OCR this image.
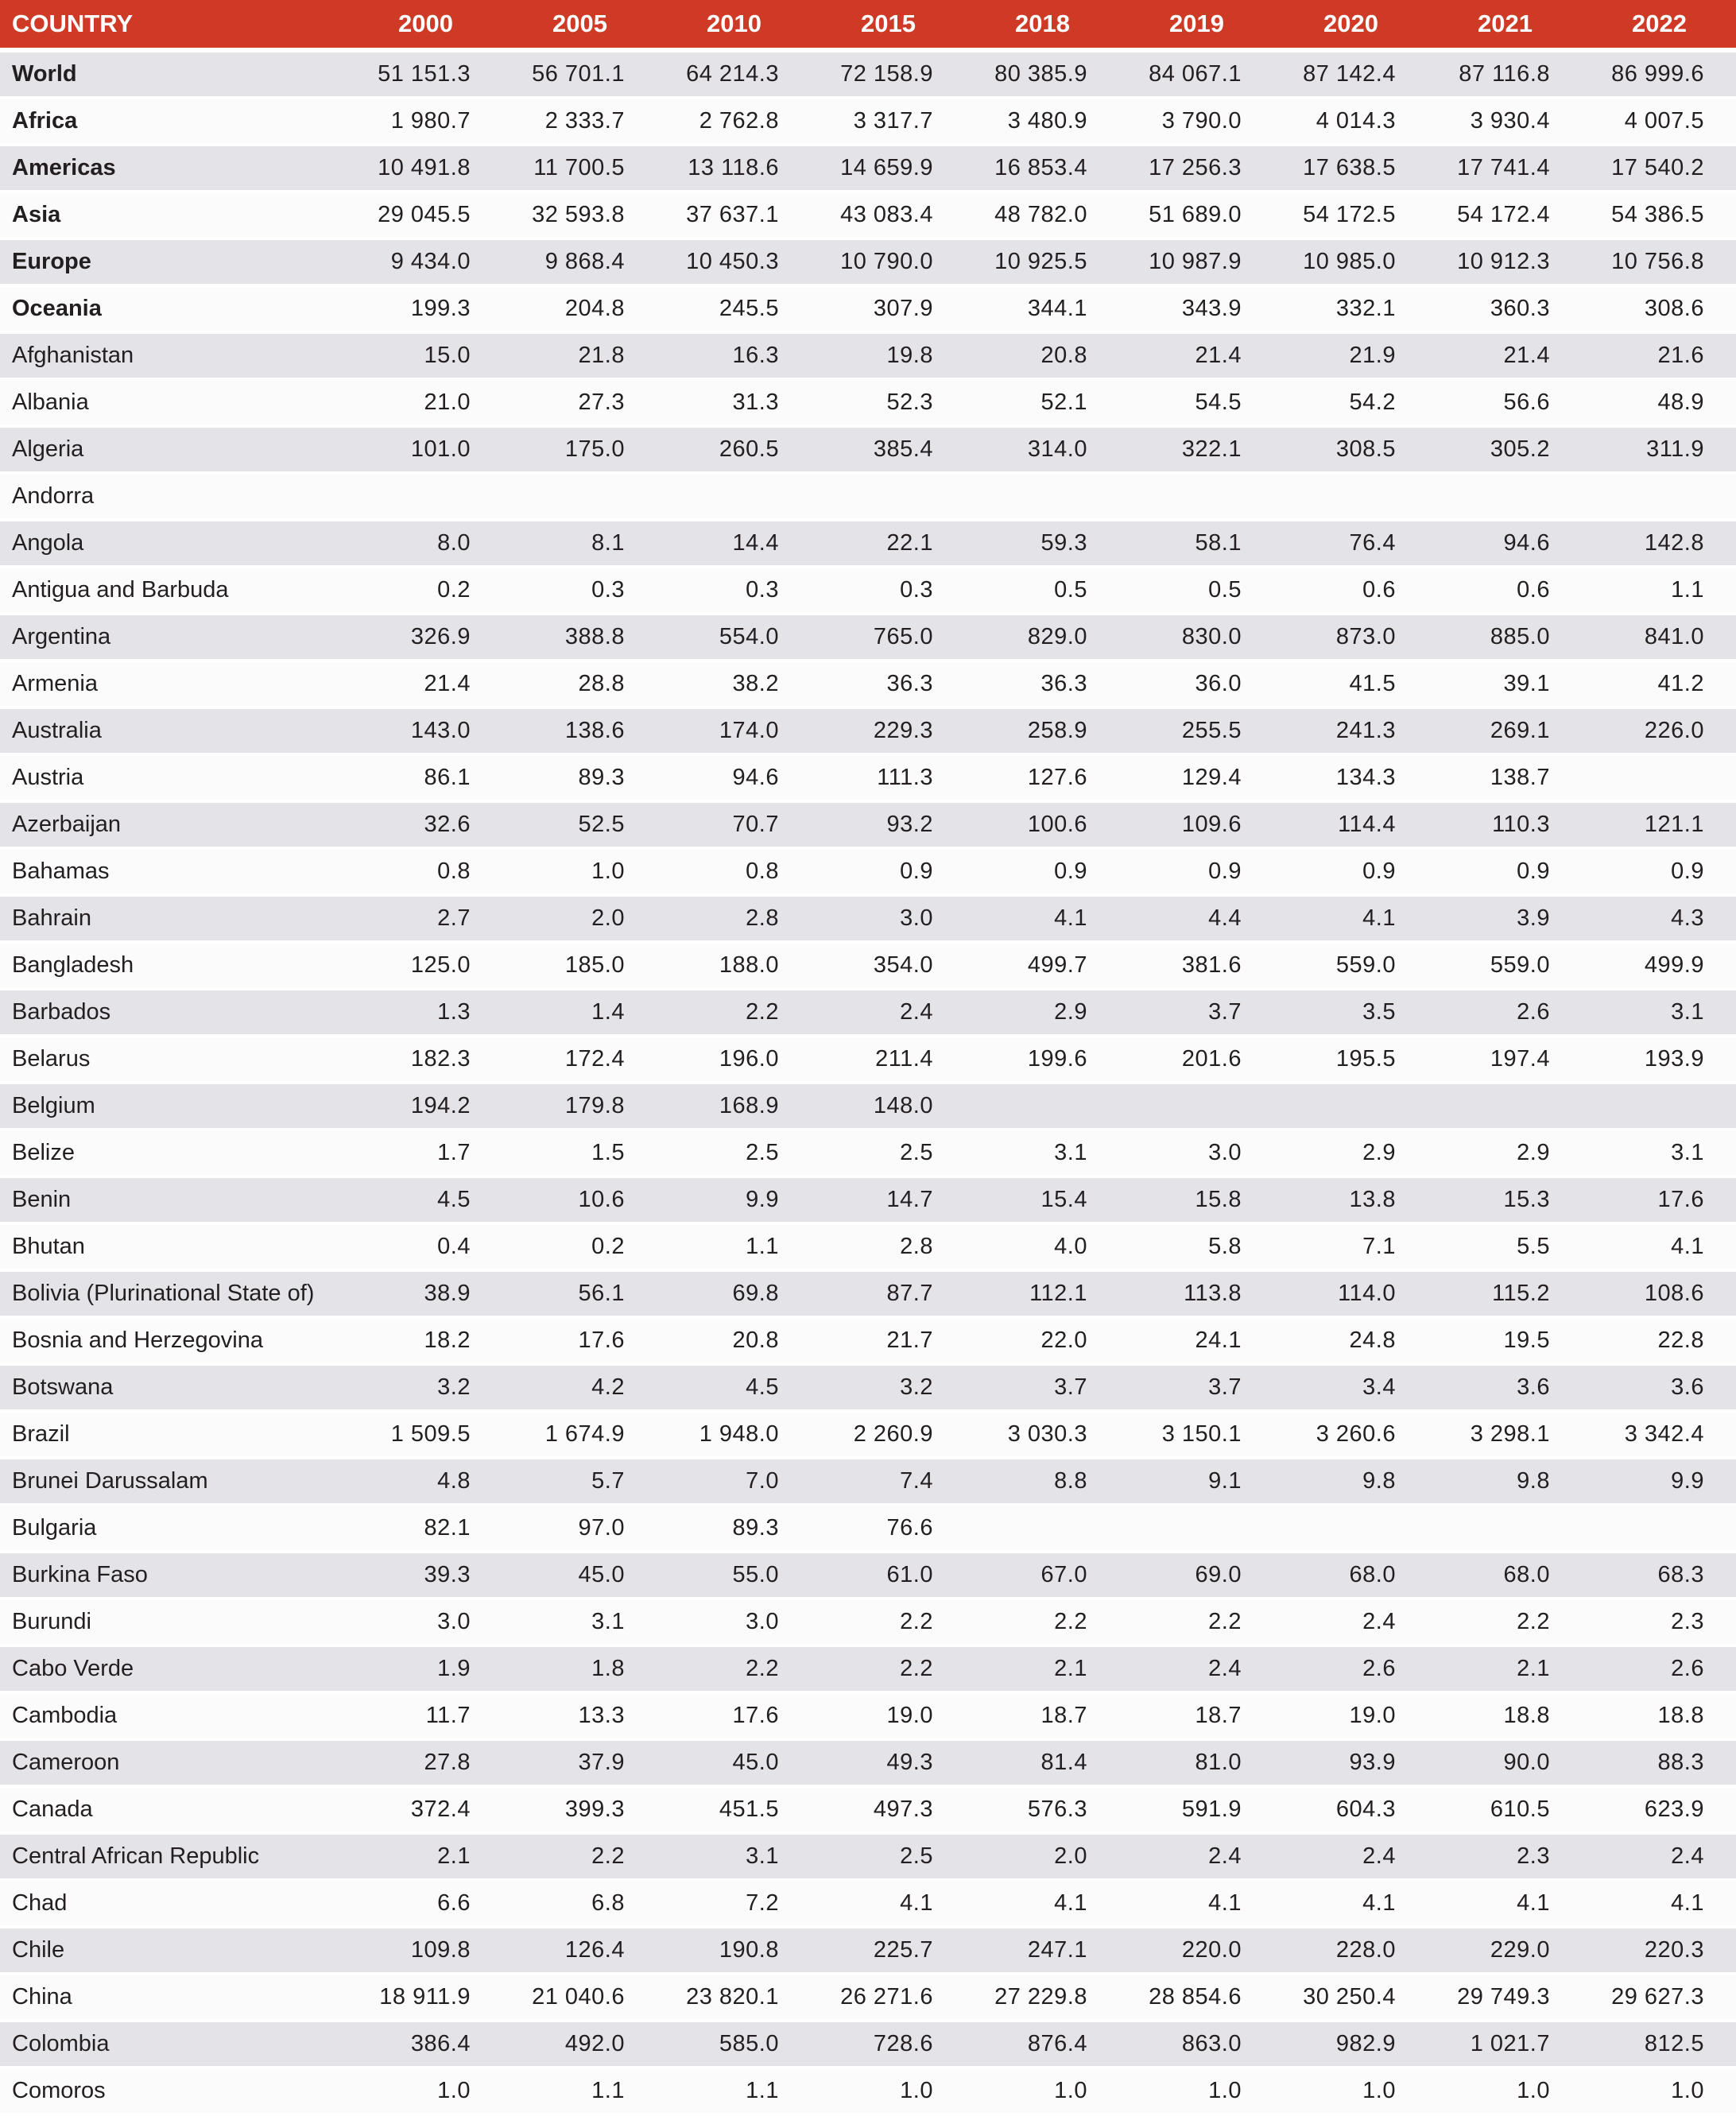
COUNTRY	2000	2005	2010	2015	2018	2019	2020	2021	2022
World	51 151.3	56 701.1	64 214.3	72 158.9	80 385.9	84 067.1	87 142.4	87 116.8	86 999.6
Africa	1 980.7	2 333.7	2 762.8	3 317.7	3 480.9	3 790.0	4 014.3	3 930.4	4 007.5
Americas	10 491.8	11 700.5	13 118.6	14 659.9	16 853.4	17 256.3	17 638.5	17 741.4	17 540.2
Asia	29 045.5	32 593.8	37 637.1	43 083.4	48 782.0	51 689.0	54 172.5	54 172.4	54 386.5
Europe	9 434.0	9 868.4	10 450.3	10 790.0	10 925.5	10 987.9	10 985.0	10 912.3	10 756.8
Oceania	199.3	204.8	245.5	307.9	344.1	343.9	332.1	360.3	308.6
Afghanistan	15.0	21.8	16.3	19.8	20.8	21.4	21.9	21.4	21.6
Albania	21.0	27.3	31.3	52.3	52.1	54.5	54.2	56.6	48.9
Algeria	101.0	175.0	260.5	385.4	314.0	322.1	308.5	305.2	311.9
Andorra									
Angola	8.0	8.1	14.4	22.1	59.3	58.1	76.4	94.6	142.8
Antigua and Barbuda	0.2	0.3	0.3	0.3	0.5	0.5	0.6	0.6	1.1
Argentina	326.9	388.8	554.0	765.0	829.0	830.0	873.0	885.0	841.0
Armenia	21.4	28.8	38.2	36.3	36.3	36.0	41.5	39.1	41.2
Australia	143.0	138.6	174.0	229.3	258.9	255.5	241.3	269.1	226.0
Austria	86.1	89.3	94.6	111.3	127.6	129.4	134.3	138.7	
Azerbaijan	32.6	52.5	70.7	93.2	100.6	109.6	114.4	110.3	121.1
Bahamas	0.8	1.0	0.8	0.9	0.9	0.9	0.9	0.9	0.9
Bahrain	2.7	2.0	2.8	3.0	4.1	4.4	4.1	3.9	4.3
Bangladesh	125.0	185.0	188.0	354.0	499.7	381.6	559.0	559.0	499.9
Barbados	1.3	1.4	2.2	2.4	2.9	3.7	3.5	2.6	3.1
Belarus	182.3	172.4	196.0	211.4	199.6	201.6	195.5	197.4	193.9
Belgium	194.2	179.8	168.9	148.0					
Belize	1.7	1.5	2.5	2.5	3.1	3.0	2.9	2.9	3.1
Benin	4.5	10.6	9.9	14.7	15.4	15.8	13.8	15.3	17.6
Bhutan	0.4	0.2	1.1	2.8	4.0	5.8	7.1	5.5	4.1
Bolivia (Plurinational State of)	38.9	56.1	69.8	87.7	112.1	113.8	114.0	115.2	108.6
Bosnia and Herzegovina	18.2	17.6	20.8	21.7	22.0	24.1	24.8	19.5	22.8
Botswana	3.2	4.2	4.5	3.2	3.7	3.7	3.4	3.6	3.6
Brazil	1 509.5	1 674.9	1 948.0	2 260.9	3 030.3	3 150.1	3 260.6	3 298.1	3 342.4
Brunei Darussalam	4.8	5.7	7.0	7.4	8.8	9.1	9.8	9.8	9.9
Bulgaria	82.1	97.0	89.3	76.6					
Burkina Faso	39.3	45.0	55.0	61.0	67.0	69.0	68.0	68.0	68.3
Burundi	3.0	3.1	3.0	2.2	2.2	2.2	2.4	2.2	2.3
Cabo Verde	1.9	1.8	2.2	2.2	2.1	2.4	2.6	2.1	2.6
Cambodia	11.7	13.3	17.6	19.0	18.7	18.7	19.0	18.8	18.8
Cameroon	27.8	37.9	45.0	49.3	81.4	81.0	93.9	90.0	88.3
Canada	372.4	399.3	451.5	497.3	576.3	591.9	604.3	610.5	623.9
Central African Republic	2.1	2.2	3.1	2.5	2.0	2.4	2.4	2.3	2.4
Chad	6.6	6.8	7.2	4.1	4.1	4.1	4.1	4.1	4.1
Chile	109.8	126.4	190.8	225.7	247.1	220.0	228.0	229.0	220.3
China	18 911.9	21 040.6	23 820.1	26 271.6	27 229.8	28 854.6	30 250.4	29 749.3	29 627.3
Colombia	386.4	492.0	585.0	728.6	876.4	863.0	982.9	1 021.7	812.5
Comoros	1.0	1.1	1.1	1.0	1.0	1.0	1.0	1.0	1.0
